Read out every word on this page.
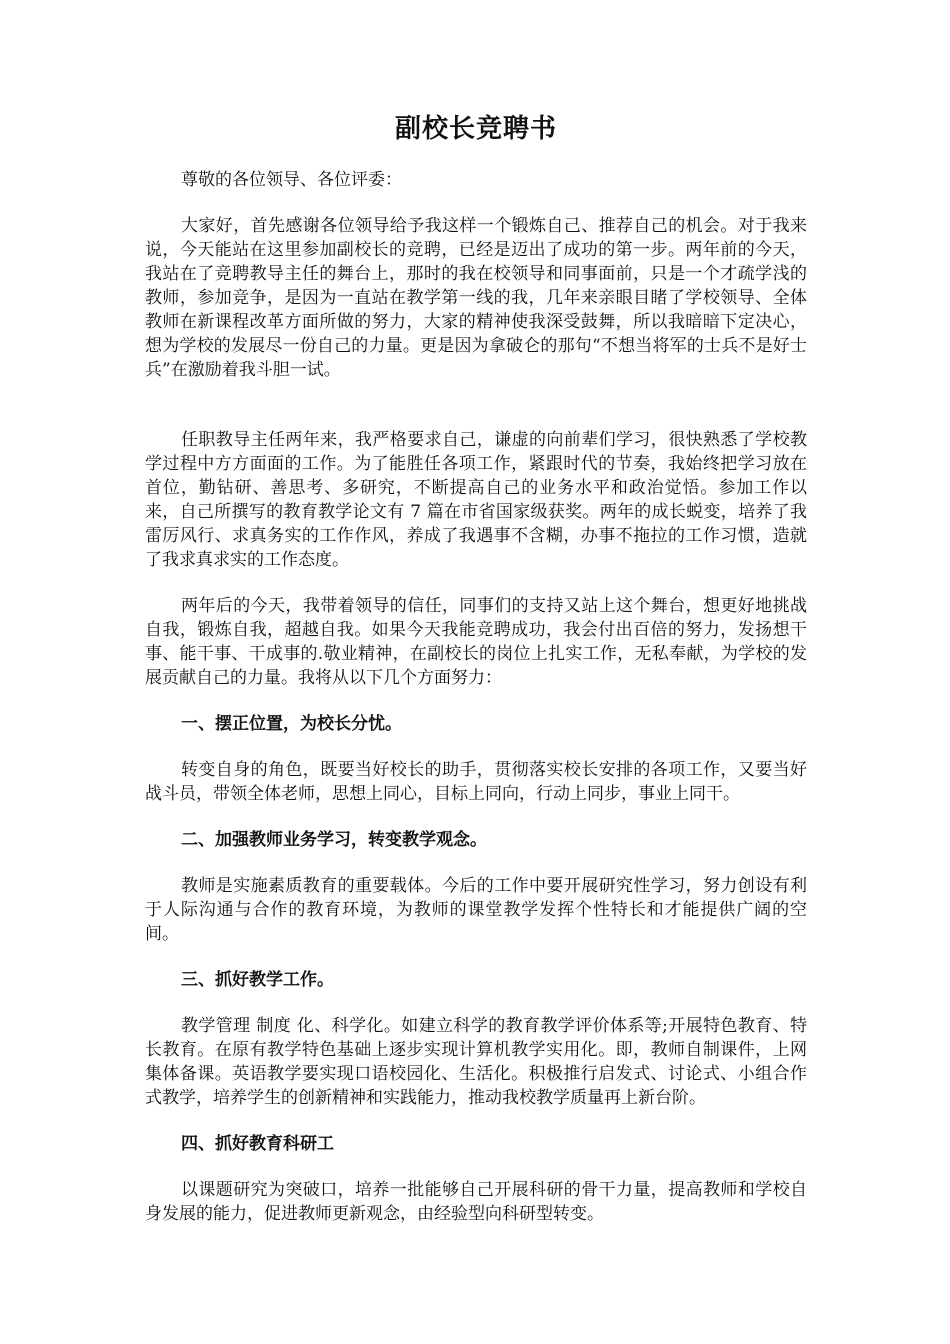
副校长竞聘书

尊敬的各位领导、各位评委：

大家好，首先感谢各位领导给予我这样一个锻炼自己、推荐自己的机会。对于我来说，今天能站在这里参加副校长的竞聘，已经是迈出了成功的第一步。两年前的今天，我站在了竞聘教导主任的舞台上，那时的我在校领导和同事面前，只是一个才疏学浅的教师，参加竞争，是因为一直站在教学第一线的我，几年来亲眼目睹了学校领导、全体教师在新课程改革方面所做的努力，大家的精神使我深受鼓舞，所以我暗暗下定决心，想为学校的发展尽一份自己的力量。更是因为拿破仑的那句“不想当将军的士兵不是好士兵”在激励着我斗胆一试。

任职教导主任两年来，我严格要求自己，谦虚的向前辈们学习，很快熟悉了学校教学过程中方方面面的工作。为了能胜任各项工作，紧跟时代的节奏，我始终把学习放在首位，勤钻研、善思考、多研究，不断提高自己的业务水平和政治觉悟。参加工作以来，自己所撰写的教育教学论文有 7 篇在市省国家级获奖。两年的成长蜕变，培养了我雷厉风行、求真务实的工作作风，养成了我遇事不含糊，办事不拖拉的工作习惯，造就了我求真求实的工作态度。

两年后的今天，我带着领导的信任，同事们的支持又站上这个舞台，想更好地挑战自我，锻炼自我，超越自我。如果今天我能竞聘成功，我会付出百倍的努力，发扬想干事、能干事、干成事的.敬业精神，在副校长的岗位上扎实工作，无私奉献，为学校的发展贡献自己的力量。我将从以下几个方面努力：

一、摆正位置，为校长分忧。

转变自身的角色，既要当好校长的助手，贯彻落实校长安排的各项工作，又要当好战斗员，带领全体老师，思想上同心，目标上同向，行动上同步，事业上同干。

二、加强教师业务学习，转变教学观念。

教师是实施素质教育的重要载体。今后的工作中要开展研究性学习，努力创设有利于人际沟通与合作的教育环境，为教师的课堂教学发挥个性特长和才能提供广阔的空间。

三、抓好教学工作。

教学管理 制度 化、科学化。如建立科学的教育教学评价体系等;开展特色教育、特长教育。在原有教学特色基础上逐步实现计算机教学实用化。即，教师自制课件，上网集体备课。英语教学要实现口语校园化、生活化。积极推行启发式、讨论式、小组合作式教学，培养学生的创新精神和实践能力，推动我校教学质量再上新台阶。

四、抓好教育科研工

以课题研究为突破口，培养一批能够自己开展科研的骨干力量，提高教师和学校自身发展的能力，促进教师更新观念，由经验型向科研型转变。
